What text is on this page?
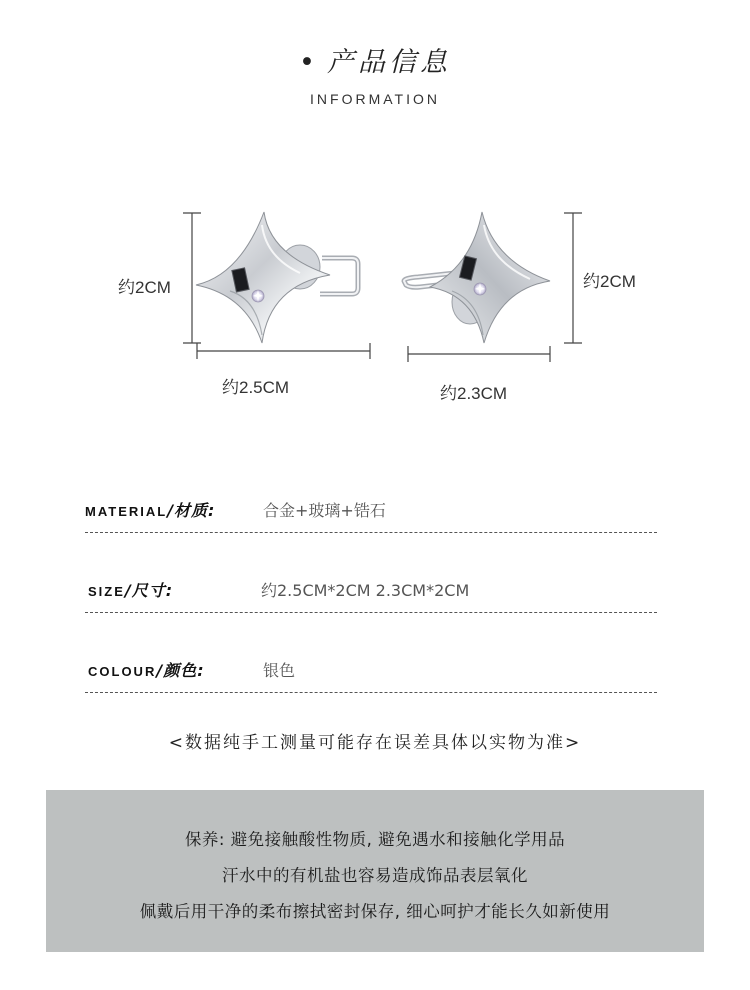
• 产品信息
INFORMATION
约2CM
约2.5CM	约2.3CM
约2CM
MATERIAL/材质:	合金+玻璃+锆石
SIZE/尺寸:	约2.5CM*2CM 2.3CM*2CM
COLOUR/颜色:	银色
<数据纯手工测量可能存在误差具体以实物为准>
保养: 避免接触酸性物质, 避免遇水和接触化学用品
汗水中的有机盐也容易造成饰品表层氧化
佩戴后用干净的柔布擦拭密封保存, 细心呵护才能长久如新使用
